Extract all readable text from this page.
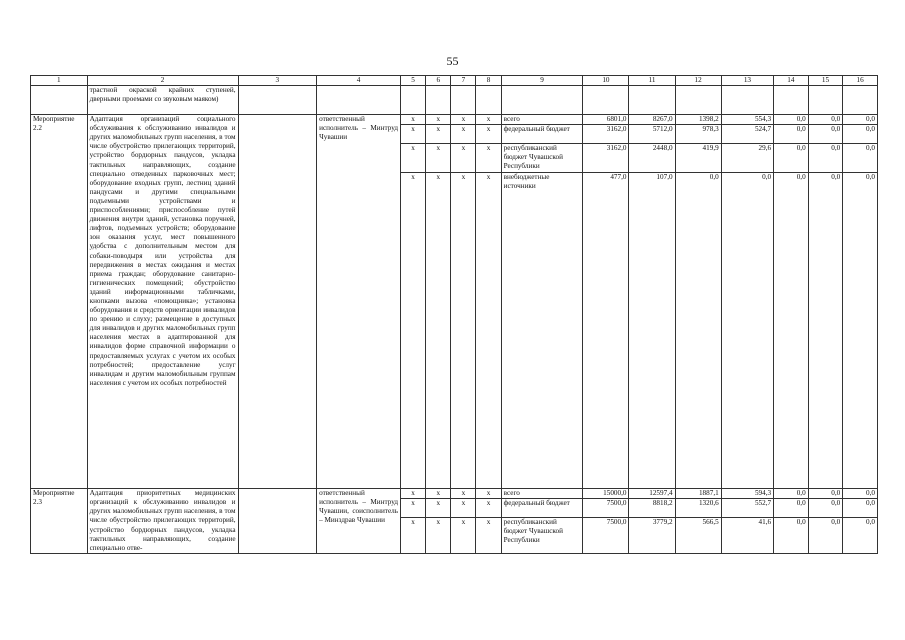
55
1	2	3	4	5	6	7	8	9	10	11	12	13	14	15	16
	трастной окраской крайних ступеней, дверными проемами со звуковым маяком)														
Мероприятие 2.2	Адаптация организаций социального обслуживания к обслуживанию инвалидов и других маломобильных групп населения, в том числе обустройство прилегающих территорий, устройство бордюрных пандусов, укладка тактильных направляющих, создание специально отведенных парковочных мест; оборудование входных групп, лестниц зданий пандусами и другими специальными подъемными устройствами и приспособлениями; приспособление путей движения внутри зданий, установка поручней, лифтов, подъемных устройств; оборудование зон оказания услуг, мест повышенного удобства с дополнительным местом для собаки-поводыря или устройства для передвижения в местах ожидания и местах приема граждан; оборудование санитарно-гигиенических помещений; обустройство зданий информационными табличками, кнопками вызова «помощника»; установка оборудования и средств ориентации инвалидов по зрению и слуху; размещение в доступных для инвалидов и других маломобильных групп населения местах в адаптированной для инвалидов форме справочной информации о предоставляемых услугах с учетом их особых потребностей; предоставление услуг инвалидам и другим маломобильным группам населения с учетом их особых потребностей		ответственный исполнитель – Минтруд Чувашии	x	x	x	x	всего	6801,0	8267,0	1398,2	554,3	0,0	0,0	0,0
				x	x	x	x	федеральный бюджет	3162,0	5712,0	978,3	524,7	0,0	0,0	0,0
				x	x	x	x	республиканский бюджет Чувашской Республики	3162,0	2448,0	419,9	29,6	0,0	0,0	0,0
				x	x	x	x	внебюджетные источники	477,0	107,0	0,0	0,0	0,0	0,0	0,0
Мероприятие 2.3	Адаптация приоритетных медицинских организаций к обслуживанию инвалидов и других маломобильных групп населения, в том числе обустройство прилегающих территорий, устройство бордюрных пандусов, укладка тактильных направляющих, создание специально отве-		ответственный исполнитель – Минтруд Чувашии, соисполнитель – Минздрав Чувашии	x	x	x	x	всего	15000,0	12597,4	1887,1	594,3	0,0	0,0	0,0
				x	x	x	x	федеральный бюджет	7500,0	8818,2	1320,6	552,7	0,0	0,0	0,0
				x	x	x	x	республиканский бюджет Чувашской Республики	7500,0	3779,2	566,5	41,6	0,0	0,0	0,0
